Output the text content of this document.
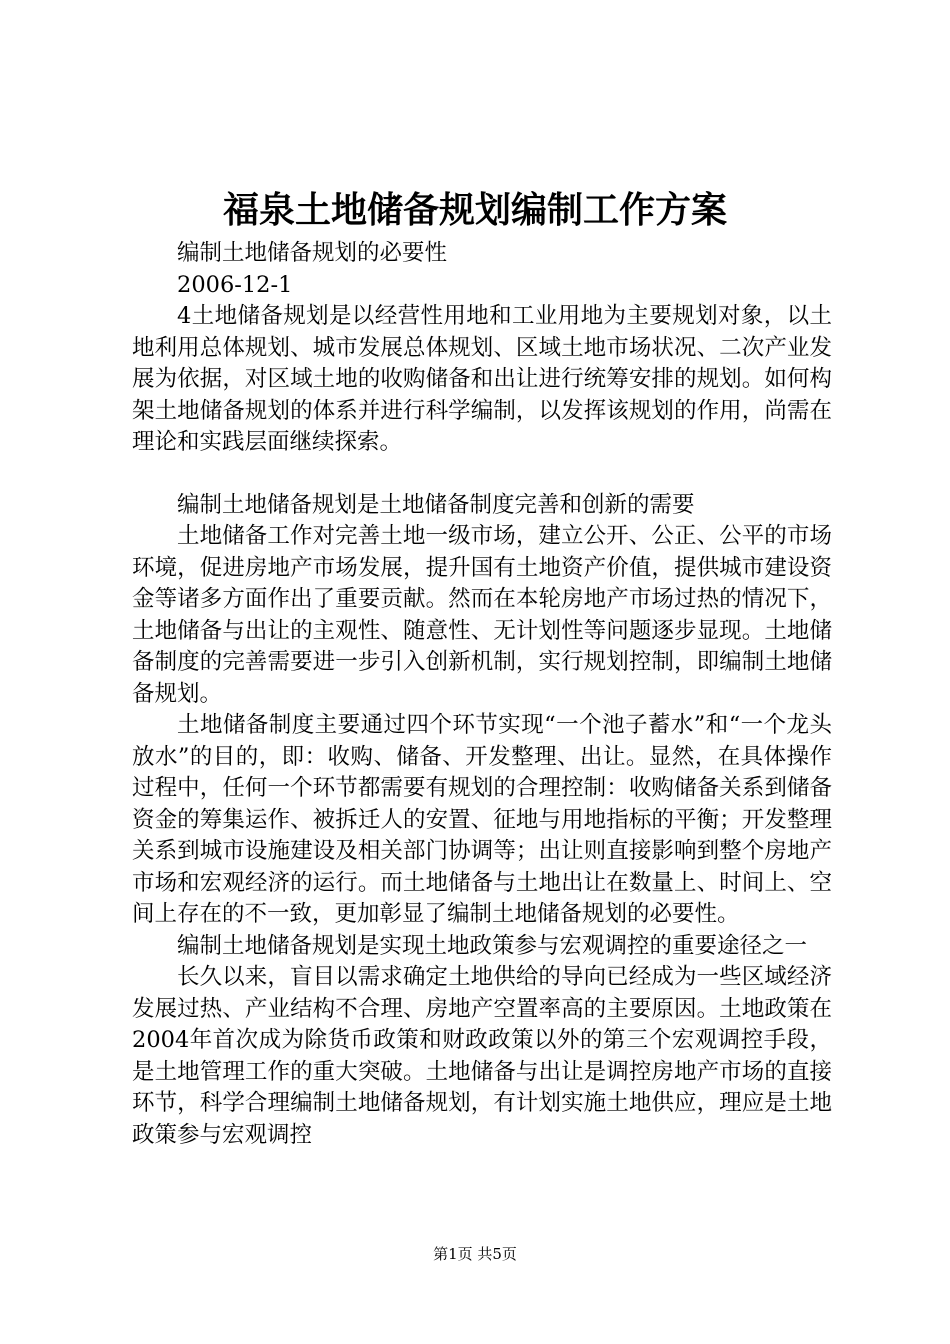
福泉土地储备规划编制工作方案

编制土地储备规划的必要性

2006-12-1

4土地储备规划是以经营性用地和工业用地为主要规划对象，以土地利用总体规划、城市发展总体规划、区域土地市场状况、二次产业发展为依据，对区域土地的收购储备和出让进行统筹安排的规划。如何构架土地储备规划的体系并进行科学编制，以发挥该规划的作用，尚需在理论和实践层面继续探索。

编制土地储备规划是土地储备制度完善和创新的需要

土地储备工作对完善土地一级市场，建立公开、公正、公平的市场环境，促进房地产市场发展，提升国有土地资产价值，提供城市建设资金等诸多方面作出了重要贡献。然而在本轮房地产市场过热的情况下，土地储备与出让的主观性、随意性、无计划性等问题逐步显现。土地储备制度的完善需要进一步引入创新机制，实行规划控制，即编制土地储备规划。

土地储备制度主要通过四个环节实现“一个池子蓄水”和“一个龙头放水”的目的，即：收购、储备、开发整理、出让。显然，在具体操作过程中，任何一个环节都需要有规划的合理控制：收购储备关系到储备资金的筹集运作、被拆迁人的安置、征地与用地指标的平衡；开发整理关系到城市设施建设及相关部门协调等；出让则直接影响到整个房地产市场和宏观经济的运行。而土地储备与土地出让在数量上、时间上、空间上存在的不一致，更加彰显了编制土地储备规划的必要性。

编制土地储备规划是实现土地政策参与宏观调控的重要途径之一

长久以来，盲目以需求确定土地供给的导向已经成为一些区域经济发展过热、产业结构不合理、房地产空置率高的主要原因。土地政策在2004年首次成为除货币政策和财政政策以外的第三个宏观调控手段，是土地管理工作的重大突破。土地储备与出让是调控房地产市场的直接环节，科学合理编制土地储备规划，有计划实施土地供应，理应是土地政策参与宏观调控

第1页 共5页
